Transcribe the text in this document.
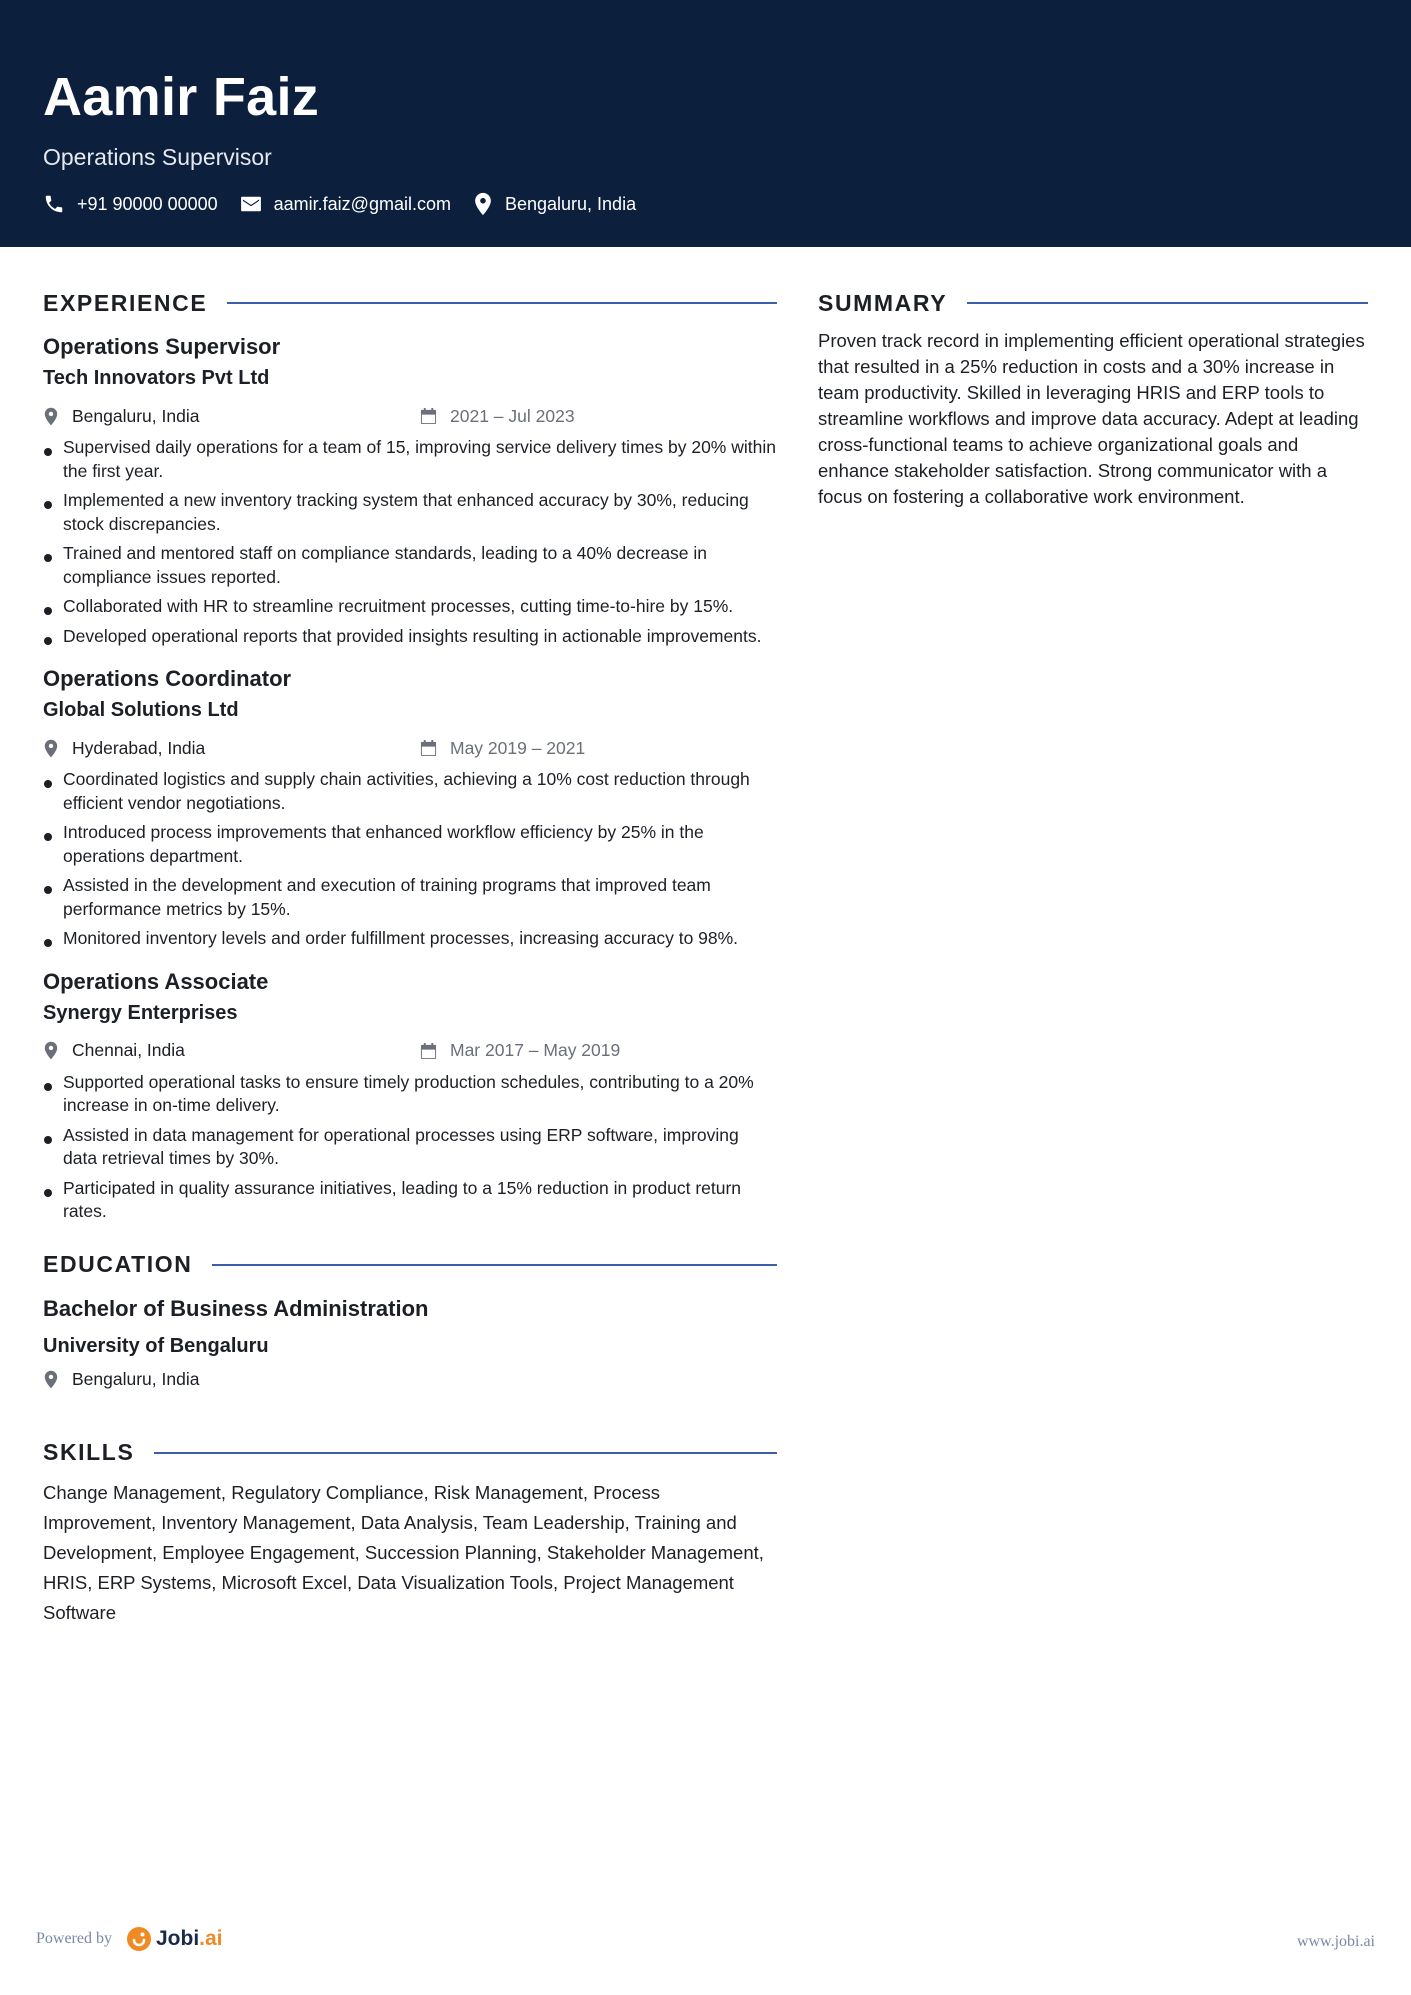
Aamir Faiz
Operations Supervisor
+91 90000 00000	aamir.faiz@gmail.com	Bengaluru, India
EXPERIENCE
Operations Supervisor
Tech Innovators Pvt Ltd
Bengaluru, India	2021 – Jul 2023
Supervised daily operations for a team of 15, improving service delivery times by 20% within the first year.
Implemented a new inventory tracking system that enhanced accuracy by 30%, reducing stock discrepancies.
Trained and mentored staff on compliance standards, leading to a 40% decrease in compliance issues reported.
Collaborated with HR to streamline recruitment processes, cutting time-to-hire by 15%.
Developed operational reports that provided insights resulting in actionable improvements.
Operations Coordinator
Global Solutions Ltd
Hyderabad, India	May 2019 – 2021
Coordinated logistics and supply chain activities, achieving a 10% cost reduction through efficient vendor negotiations.
Introduced process improvements that enhanced workflow efficiency by 25% in the operations department.
Assisted in the development and execution of training programs that improved team performance metrics by 15%.
Monitored inventory levels and order fulfillment processes, increasing accuracy to 98%.
Operations Associate
Synergy Enterprises
Chennai, India	Mar 2017 – May 2019
Supported operational tasks to ensure timely production schedules, contributing to a 20% increase in on-time delivery.
Assisted in data management for operational processes using ERP software, improving data retrieval times by 30%.
Participated in quality assurance initiatives, leading to a 15% reduction in product return rates.
EDUCATION
Bachelor of Business Administration
University of Bengaluru
Bengaluru, India
SKILLS
Change Management, Regulatory Compliance, Risk Management, Process Improvement, Inventory Management, Data Analysis, Team Leadership, Training and Development, Employee Engagement, Succession Planning, Stakeholder Management, HRIS, ERP Systems, Microsoft Excel, Data Visualization Tools, Project Management Software
SUMMARY
Proven track record in implementing efficient operational strategies that resulted in a 25% reduction in costs and a 30% increase in team productivity. Skilled in leveraging HRIS and ERP tools to streamline workflows and improve data accuracy. Adept at leading cross-functional teams to achieve organizational goals and enhance stakeholder satisfaction. Strong communicator with a focus on fostering a collaborative work environment.
Powered by Jobi .ai	www.jobi.ai
